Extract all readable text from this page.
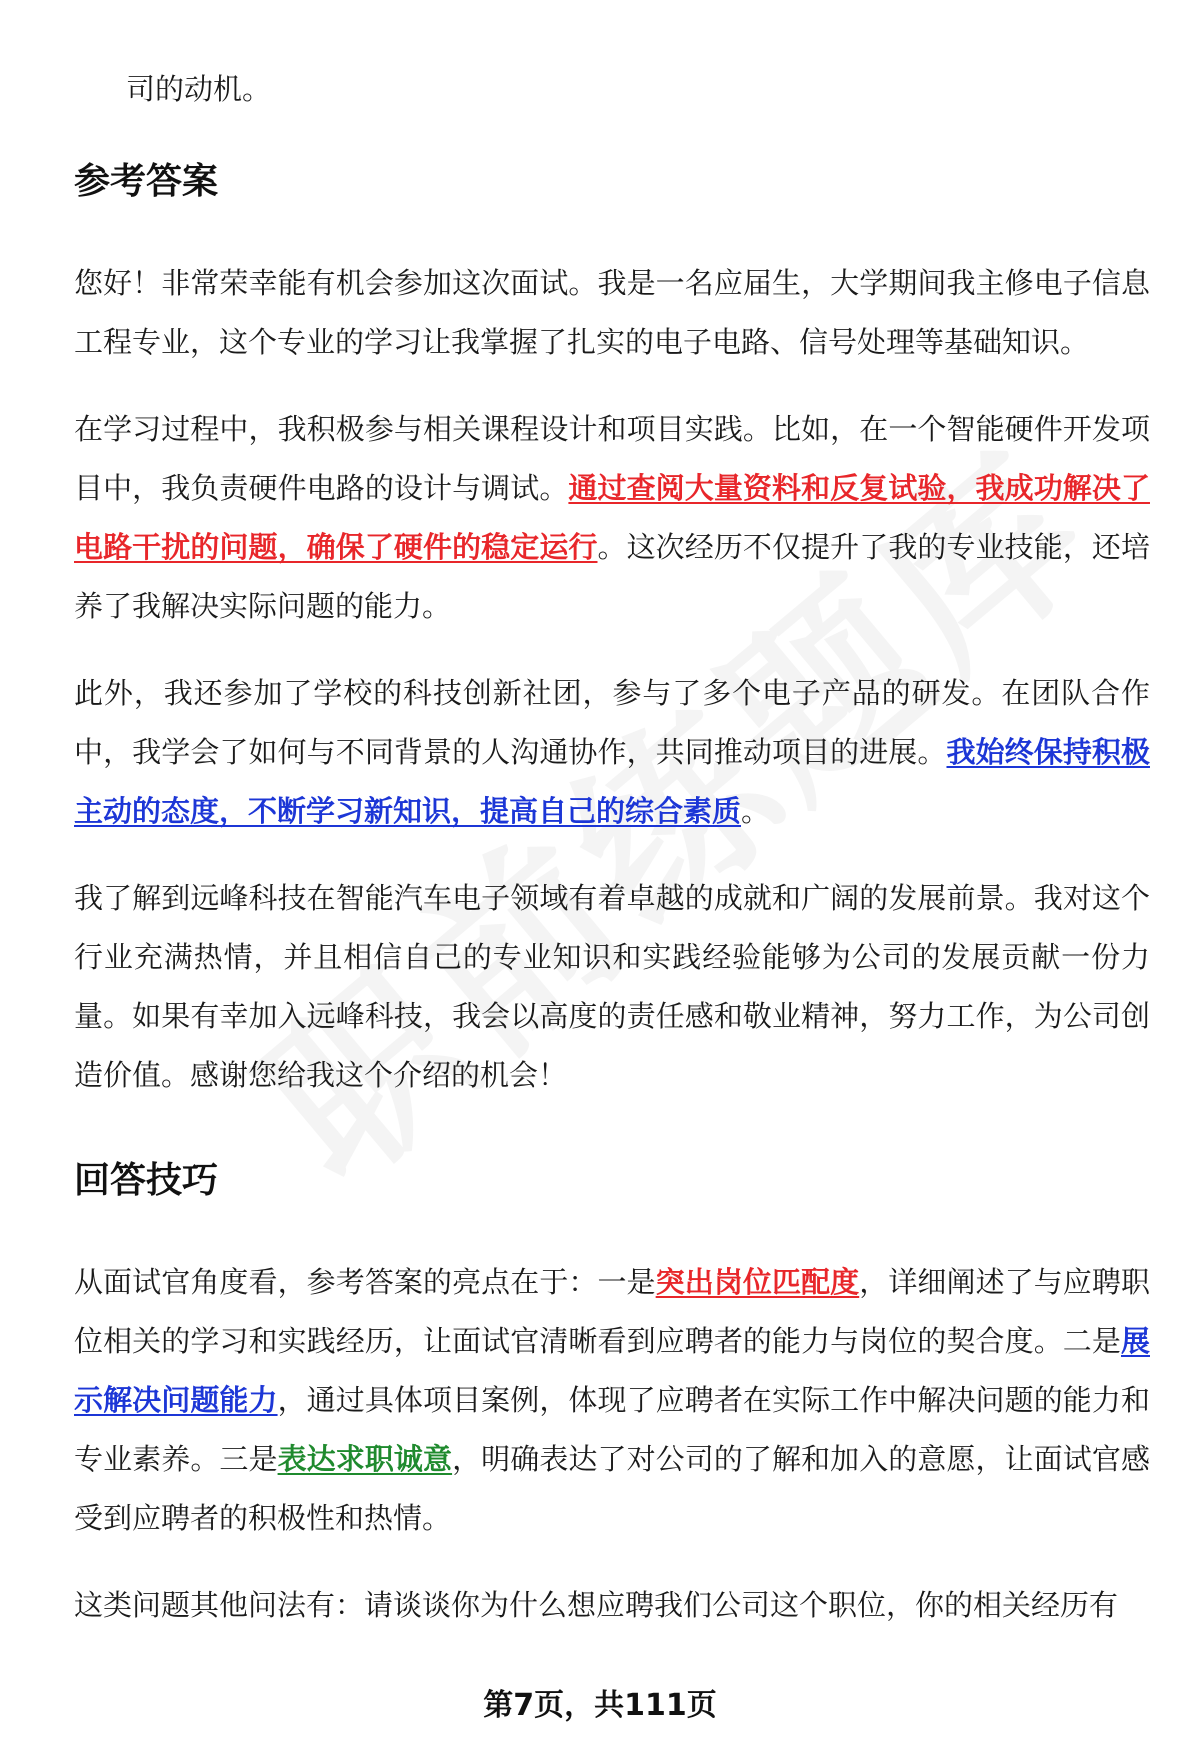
司的动机。
参考答案

您好！非常荣幸能有机会参加这次面试。我是一名应届生，大学期间我主修电子信息工程专业，这个专业的学习让我掌握了扎实的电子电路、信号处理等基础知识。

在学习过程中，我积极参与相关课程设计和项目实践。比如，在一个智能硬件开发项目中，我负责硬件电路的设计与调试。通过查阅大量资料和反复试验，我成功解决了电路干扰的问题，确保了硬件的稳定运行。这次经历不仅提升了我的专业技能，还培养了我解决实际问题的能力。

此外，我还参加了学校的科技创新社团，参与了多个电子产品的研发。在团队合作中，我学会了如何与不同背景的人沟通协作，共同推动项目的进展。我始终保持积极主动的态度，不断学习新知识，提高自己的综合素质。

我了解到远峰科技在智能汽车电子领域有着卓越的成就和广阔的发展前景。我对这个行业充满热情，并且相信自己的专业知识和实践经验能够为公司的发展贡献一份力量。如果有幸加入远峰科技，我会以高度的责任感和敬业精神，努力工作，为公司创造价值。感谢您给我这个介绍的机会！

回答技巧

从面试官角度看，参考答案的亮点在于：一是突出岗位匹配度，详细阐述了与应聘职位相关的学习和实践经历，让面试官清晰看到应聘者的能力与岗位的契合度。二是展示解决问题能力，通过具体项目案例，体现了应聘者在实际工作中解决问题的能力和专业素养。三是表达求职诚意，明确表达了对公司的了解和加入的意愿，让面试官感受到应聘者的积极性和热情。

这类问题其他问法有：请谈谈你为什么想应聘我们公司这个职位，你的相关经历有

第7页，共111页
